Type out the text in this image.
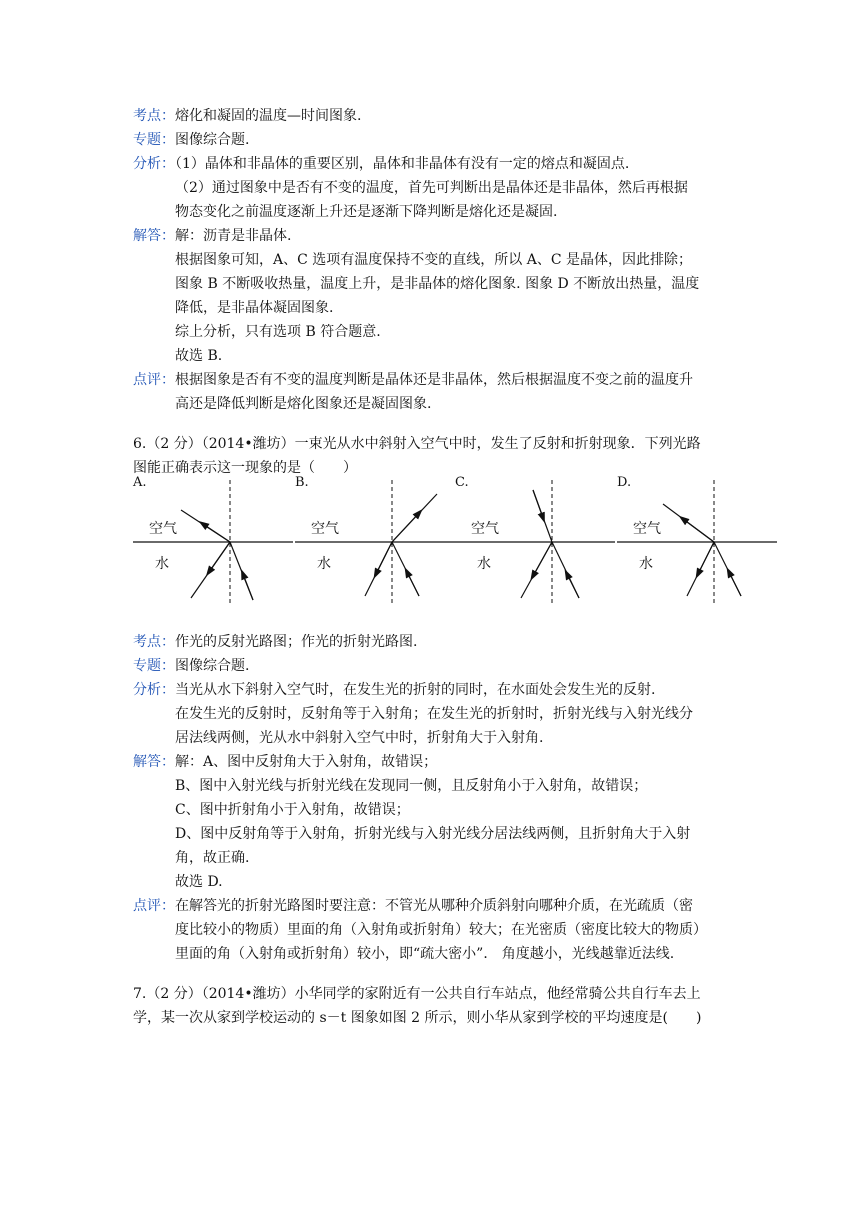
考点：熔化和凝固的温度—时间图象.
专题：图像综合题.
分析：（1）晶体和非晶体的重要区别，晶体和非晶体有没有一定的熔点和凝固点.
（2）通过图象中是否有不变的温度，首先可判断出是晶体还是非晶体，然后再根据
物态变化之前温度逐渐上升还是逐渐下降判断是熔化还是凝固.
解答：解：沥青是非晶体.
根据图象可知，A、C 选项有温度保持不变的直线，所以 A、C 是晶体，因此排除；
图象 B 不断吸收热量，温度上升，是非晶体的熔化图象. 图象 D 不断放出热量，温度
降低，是非晶体凝固图象.
综上分析，只有选项 B 符合题意.
故选 B.
点评：根据图象是否有不变的温度判断是晶体还是非晶体，然后根据温度不变之前的温度升
高还是降低判断是熔化图象还是凝固图象.
6.（2 分）（2014•潍坊）一束光从水中斜射入空气中时，发生了反射和折射现象．下列光路
图能正确表示这一现象的是（　　）
A.	B.	C.	D.
空气
水
空气
水
空气
水
空气
水
考点：作光的反射光路图；作光的折射光路图.
专题：图像综合题.
分析：当光从水下斜射入空气时，在发生光的折射的同时，在水面处会发生光的反射.
在发生光的反射时，反射角等于入射角；在发生光的折射时，折射光线与入射光线分
居法线两侧，光从水中斜射入空气中时，折射角大于入射角.
解答：解：A、图中反射角大于入射角，故错误；
B、图中入射光线与折射光线在发现同一侧，且反射角小于入射角，故错误；
C、图中折射角小于入射角，故错误；
D、图中反射角等于入射角，折射光线与入射光线分居法线两侧，且折射角大于入射
角，故正确.
故选 D.
点评：在解答光的折射光路图时要注意：不管光从哪种介质斜射向哪种介质，在光疏质（密
度比较小的物质）里面的角（入射角或折射角）较大；在光密质（密度比较大的物质）
里面的角（入射角或折射角）较小，即“疏大密小”． 角度越小，光线越靠近法线.
7.（2 分）（2014•潍坊）小华同学的家附近有一公共自行车站点，他经常骑公共自行车去上
学，某一次从家到学校运动的 s－t 图象如图 2 所示，则小华从家到学校的平均速度是(　　)
